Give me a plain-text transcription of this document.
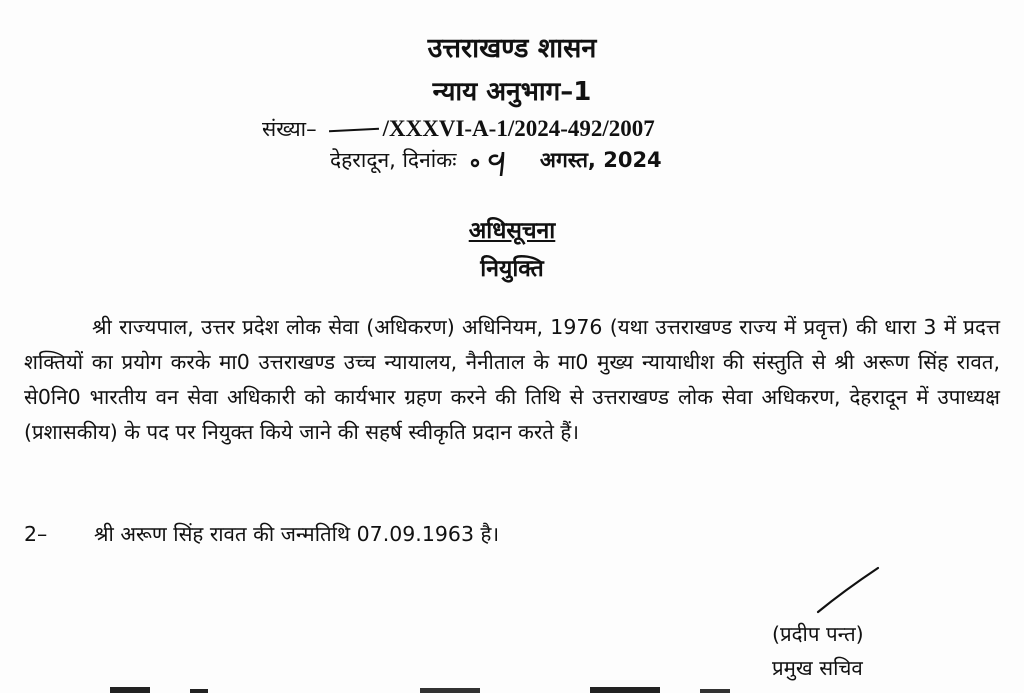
उत्तराखण्ड शासन
न्याय अनुभाग–1
संख्या–	/XXXVI-A-1/2024-492/2007
देहरादून, दिनांकः	अगस्त, 2024
अधिसूचना
नियुक्ति
श्री राज्यपाल, उत्तर प्रदेश लोक सेवा (अधिकरण) अधिनियम, 1976 (यथा उत्तराखण्ड राज्य में प्रवृत्त) की धारा 3 में प्रदत्त शक्तियों का प्रयोग करके मा0 उत्तराखण्ड उच्च न्यायालय, नैनीताल के मा0 मुख्य न्यायाधीश की संस्तुति से श्री अरूण सिंह रावत, से0नि0 भारतीय वन सेवा अधिकारी को कार्यभार ग्रहण करने की तिथि से उत्तराखण्ड लोक सेवा अधिकरण, देहरादून में उपाध्यक्ष (प्रशासकीय) के पद पर नियुक्त किये जाने की सहर्ष स्वीकृति प्रदान करते हैं।
2– श्री अरूण सिंह रावत की जन्मतिथि 07.09.1963 है।
(प्रदीप पन्त)
प्रमुख सचिव
